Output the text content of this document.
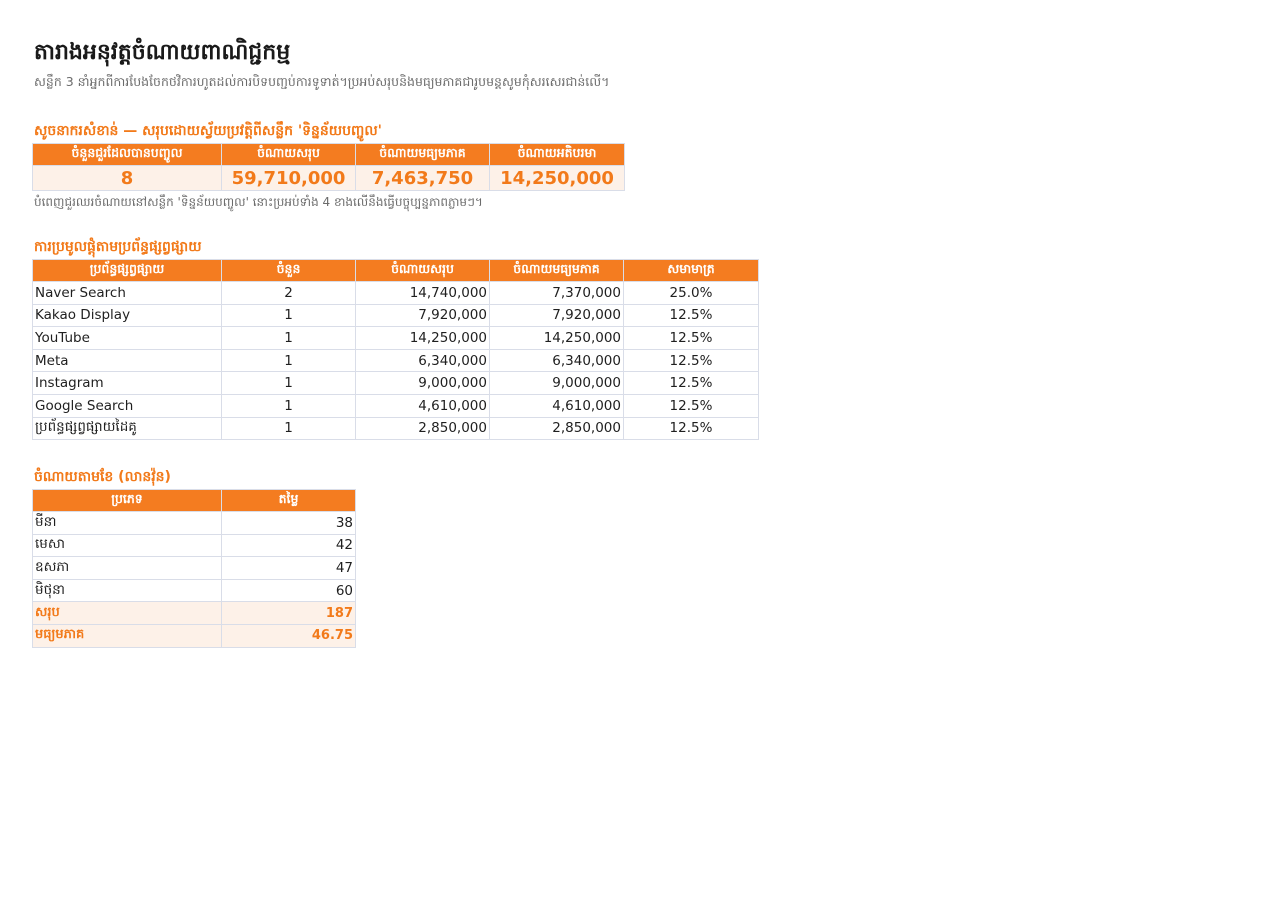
តារាងអនុវត្តចំណាយពាណិជ្ជកម្ម
សន្លឹក 3 នាំអ្នកពីការបែងចែកថវិការហូតដល់ការបិទបញ្ជប់ការទូទាត់។ប្រអប់សរុបនិងមធ្យមភាគជារូបមន្តសូមកុំសរសេរជាន់លើ។
សូចនាករសំខាន់ — សរុបដោយស្វ័យប្រវត្តិពីសន្លឹក 'ទិន្នន័យបញ្ចូល'
ចំនួនជួរដែលបានបញ្ចូល	ចំណាយសរុប	ចំណាយមធ្យមភាគ	ចំណាយអតិបរមា
8	59,710,000	7,463,750	14,250,000
បំពេញជួរឈរចំណាយនៅសន្លឹក 'ទិន្នន័យបញ្ចូល' នោះប្រអប់ទាំង 4 ខាងលើនឹងធ្វើបច្ចុប្បន្នភាពភ្លាមៗ។
ការប្រមូលផ្តុំតាមប្រព័ន្ធផ្សព្វផ្សាយ
ប្រព័ន្ធផ្សព្វផ្សាយ	ចំនួន	ចំណាយសរុប	ចំណាយមធ្យមភាគ	សមាមាត្រ
Naver Search	2	14,740,000	7,370,000	25.0%
Kakao Display	1	7,920,000	7,920,000	12.5%
YouTube	1	14,250,000	14,250,000	12.5%
Meta	1	6,340,000	6,340,000	12.5%
Instagram	1	9,000,000	9,000,000	12.5%
Google Search	1	4,610,000	4,610,000	12.5%
ប្រព័ន្ធផ្សព្វផ្សាយដៃគូ	1	2,850,000	2,850,000	12.5%
ចំណាយតាមខែ (លានវ៉ុន)
ប្រភេទ	តម្លៃ
មីនា	38
មេសា	42
ឧសភា	47
មិថុនា	60
សរុប	187
មធ្យមភាគ	46.75
